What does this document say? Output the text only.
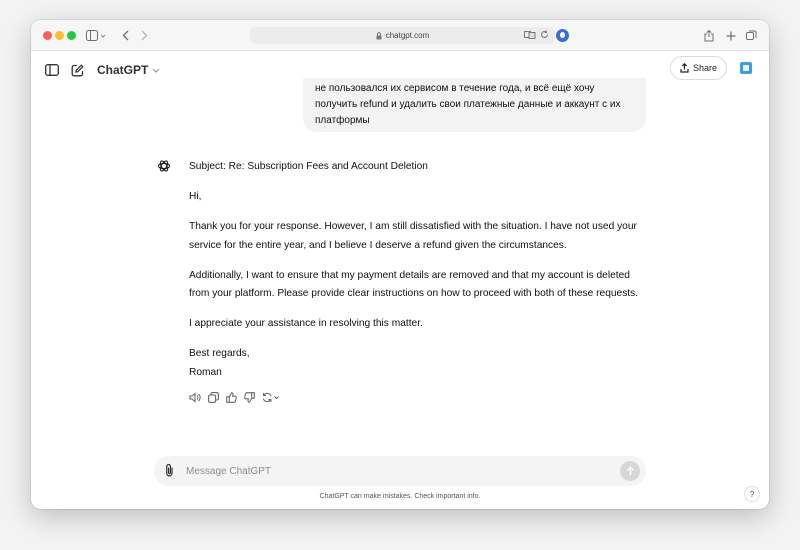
chatgpt.com
ChatGPT	Share

не пользовался их сервисом в течение года, и всё ещё хочу

получить refund и удалить свои платежные данные и аккаунт с их

платформы

Subject: Re: Subscription Fees and Account Deletion
Hi,
Thank you for your response. However, I am still dissatisfied with the situation. I have not used your
service for the entire year, and I believe I deserve a refund given the circumstances.
Additionally, I want to ensure that my payment details are removed and that my account is deleted
from your platform. Please provide clear instructions on how to proceed with both of these requests.
I appreciate your assistance in resolving this matter.
Best regards,
Roman
Message ChatGPT
ChatGPT can make mistakes. Check important info.	?
